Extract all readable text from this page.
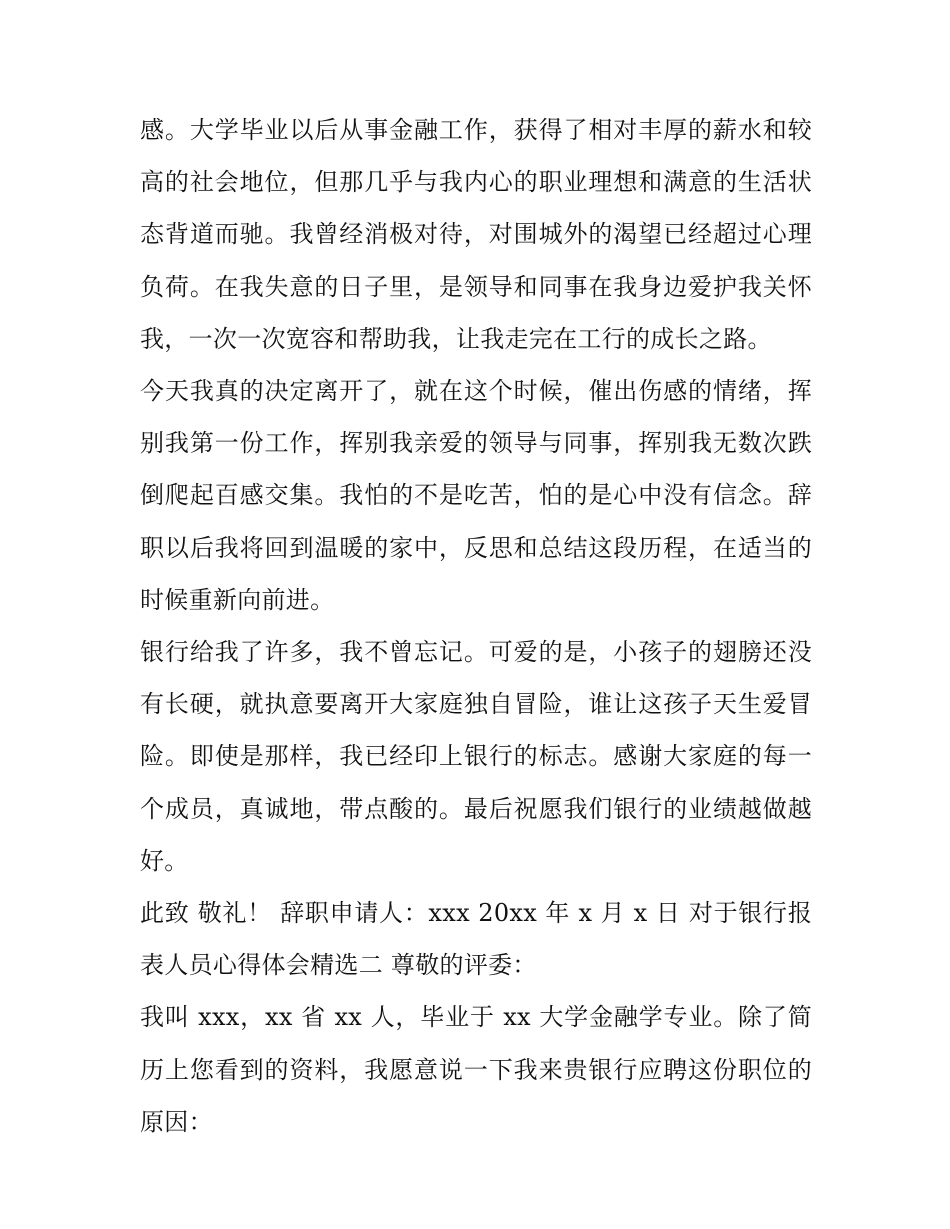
感。大学毕业以后从事金融工作，获得了相对丰厚的薪水和较高的社会地位，但那几乎与我内心的职业理想和满意的生活状态背道而驰。我曾经消极对待，对围城外的渴望已经超过心理负荷。在我失意的日子里，是领导和同事在我身边爱护我关怀我，一次一次宽容和帮助我，让我走完在工行的成长之路。

今天我真的决定离开了，就在这个时候，催出伤感的情绪，挥别我第一份工作，挥别我亲爱的领导与同事，挥别我无数次跌倒爬起百感交集。我怕的不是吃苦，怕的是心中没有信念。辞职以后我将回到温暖的家中，反思和总结这段历程，在适当的时候重新向前进。

银行给我了许多，我不曾忘记。可爱的是，小孩子的翅膀还没有长硬，就执意要离开大家庭独自冒险，谁让这孩子天生爱冒险。即使是那样，我已经印上银行的标志。感谢大家庭的每一个成员，真诚地，带点酸的。最后祝愿我们银行的业绩越做越好。

此致 敬礼！ 辞职申请人：xxx 20xx 年 x 月 x 日 对于银行报表人员心得体会精选二 尊敬的评委：

我叫 xxx，xx 省 xx 人，毕业于 xx 大学金融学专业。除了简历上您看到的资料，我愿意说一下我来贵银行应聘这份职位的原因：
